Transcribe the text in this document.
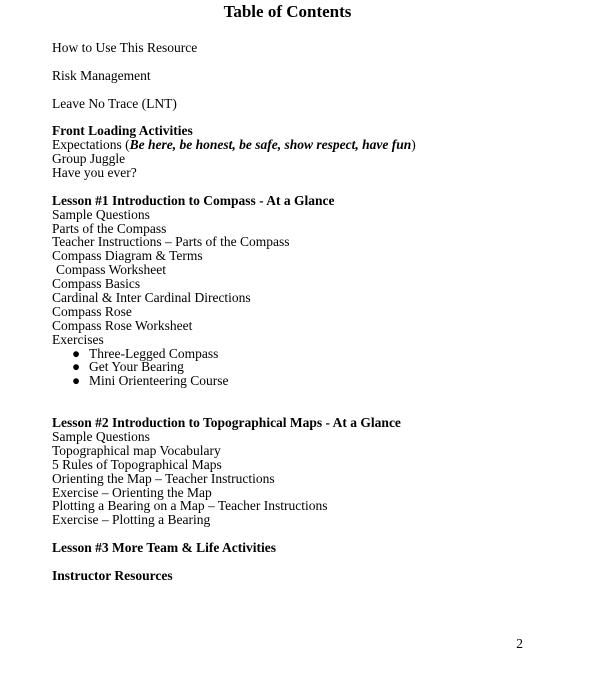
Table of Contents
How to Use This Resource
Risk Management
Leave No Trace (LNT)
Front Loading Activities
Expectations (Be here, be honest, be safe, show respect, have fun)
Group Juggle
Have you ever?
Lesson #1 Introduction to Compass - At a Glance
Sample Questions
Parts of the Compass
Teacher Instructions – Parts of the Compass
Compass Diagram & Terms
Compass Worksheet
Compass Basics
Cardinal & Inter Cardinal Directions
Compass Rose
Compass Rose Worksheet
Exercises
● Three-Legged Compass
● Get Your Bearing
● Mini Orienteering Course
Lesson #2 Introduction to Topographical Maps - At a Glance
Sample Questions
Topographical map Vocabulary
5 Rules of Topographical Maps
Orienting the Map – Teacher Instructions
Exercise – Orienting the Map
Plotting a Bearing on a Map – Teacher Instructions
Exercise – Plotting a Bearing
Lesson #3 More Team & Life Activities
Instructor Resources
2
